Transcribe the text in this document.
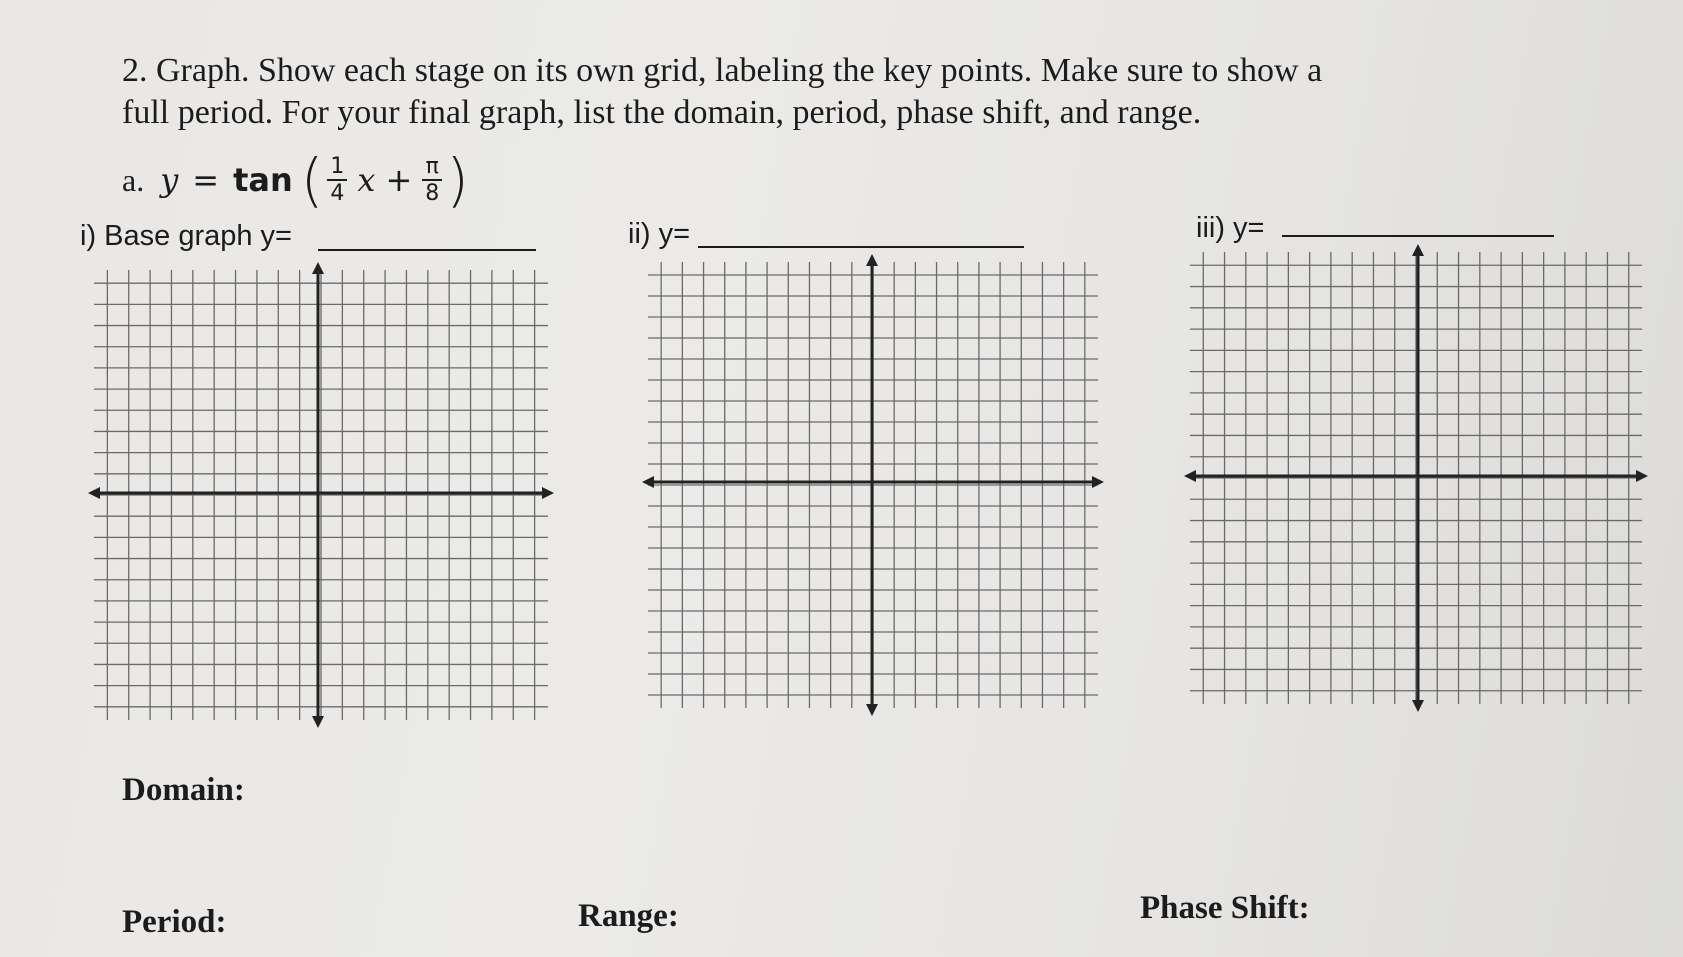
2. Graph. Show each stage on its own grid, labeling the key points. Make sure to show a
full period. For your final graph, list the domain, period, phase shift, and range.
a. y = tan ( $\frac{1}{4}$ $x + \frac{\pi}{8}$ )
i) Base graph y=	ii) y=	iii) y=
Domain:
Period:	Range:	Phase Shift:
